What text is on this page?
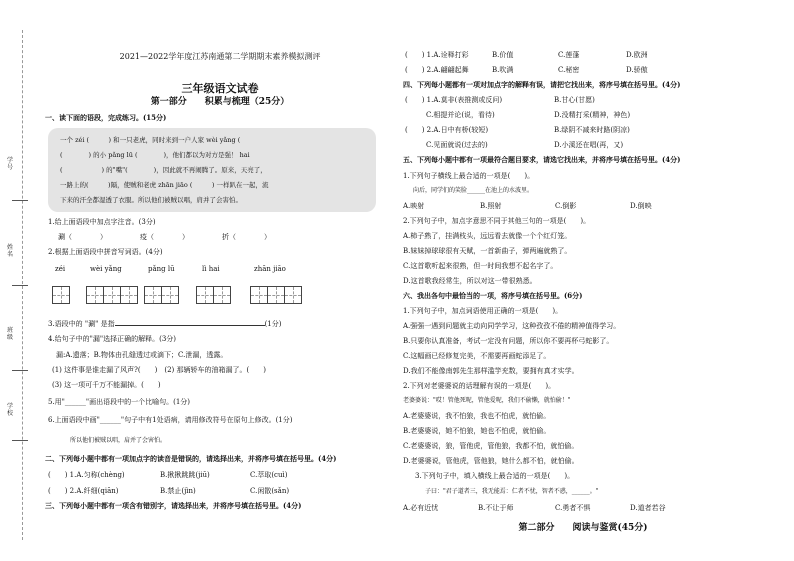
学号
姓名
班级
学校
2021—2022学年度江苏南通第二学期期末素养模拟测评
三年级语文试卷
第一部分　　积累与梳理（25分）
一、读下面的语段，完成练习。(15分)
一个 zéi (　　　) 和一只老虎，同时来到一户人家 wèi yǎng (
(　　　　) 的小 pǎng lū (　　　　)，他们都以为对方是强！ hai
(　　　　　　) 的"嘴"(　　　　)，因此就不再闹腾了。原来，天亮了，
一路上的(　　　)隔，使贼和老虎 zhān jiāo (　　　) 一样趴在一起，流
下来的汗全都湿透了衣服。所以他们被贼以唱，肩并了会害怕。
1.给上面语段中加点字注音。(3分)
涮（　　　　）	疫（　　　　）	折（　　　　）
2.根据上面语段中拼音写词语。(4分)
zéi	wèi yǎng	pǎng lū	lì hai	zhān jiāo
3.语段中的 "涮" 是指	(1分)
4.给句子中的"漏"选择正确的解释。(3分)
漏:A.遗落；B.物体由孔缝透过或滴下；C.泄漏，透露。
(1) 这件事是谁走漏了风声?(　　)　(2) 那辆轿车的油箱漏了。(　　)
(3) 这一项可千万不能漏掉。(　　)
5.用"______"画出语段中的一个比喻句。(1分)
6.上面语段中画"______"句子中有1处语病，请用修改符号在原句上修改。(1分)
所以他们被贼以唱，肩并了会害怕。
二、下列每小题中都有一项加点字的读音是错误的，请选择出来，并将序号填在括号里。(4分)
(　　) 1.A.匀称(chèng)	B.揪揪跳跳(jiū)	C.萃取(cuì)
(　　) 2.A.纤细(qiān)	B.禁止(jìn)	C.闲散(sǎn)
三、下列每小题中都有一项含有错别字，请选择出来，并将序号填在括号里。(4分)
(　　) 1.A.诠释打彩	B.价值	C.莲蓬	D.欧洲
(　　) 2.A.翩翩起舞	B.吹满	C.秘密	D.骄傲
四、下列每小题都有一项对加点字的解释有误，请把它找出来，将序号填在括号里。(4分)
(　　) 1.A.莫非(表推测或反问)	B.甘心(甘愿)
C.相提并论(说，看待)	D.没精打采(精神，神色)
(　　) 2.A.日中有桥(较短)	B.绿阴不减来时路(阴凉)
C.见面就说(过去的)	D.小溪还在唱(再，又)
五、下列每小题中都有一项最符合题目要求，请选它找出来，并将序号填在括号里。(4分)
1.下列句子横线上最合适的一项是(　　)。
向后，同学们的笑脸______在池上的水波里。
A.映射	B.照射	C.倒影	D.倒映
2.下列句子中，加点字意思不同于其他三句的一项是(　　)。
A.柿子熟了，挂满枝头，远远看去就像一个个红灯笼。
B.妹妹掉球球很有天赋，一首新曲子，弹两遍就熟了。
C.这首歌听起来很熟，但一时间我想不起名字了。
D.这首歌我经常生，所以对这一带很熟悉。
六、我出各句中最恰当的一项，将序号填在括号里。(6分)
1.下列句子中，加点词语使用正确的一项是(　　)。
A.强强一遇到问题就主动向同学学习，这种孜孜不倦的精神值得学习。
B.只要你认真准备，考试一定没有问题，所以你不要再杯弓蛇影了。
C.这幅画已经修复完美，不需要再画蛇添足了。
D.我们不能像南郭先生那样滥竽充数，要拥有真才实学。
2.下列对老婆婆说的话理解有误的一项是(　　)。
老婆婆说："哎！管他死呢，管他爱呢，我们不偷懒，就怕偷！"
A.老婆婆说，我不怕狼，我也不怕虎，就怕偷。
B.老婆婆说，她不怕狼，她也不怕虎，就怕偷。
C.老婆婆说，狼，管他虎，管他狼，我都不怕，就怕偷。
D.老婆婆说，管他虎，管他狼，她什么都不怕，就怕偷。
3.下列句子中，填入横线上最合适的一项是(　　)。
子曰："君子道者三，我无能焉：仁者不忧，智者不惑，______。"
A.必有近忧	B.不让于师	C.勇者不惧	D.道者若谷
第二部分　　阅读与鉴赏(45分)
